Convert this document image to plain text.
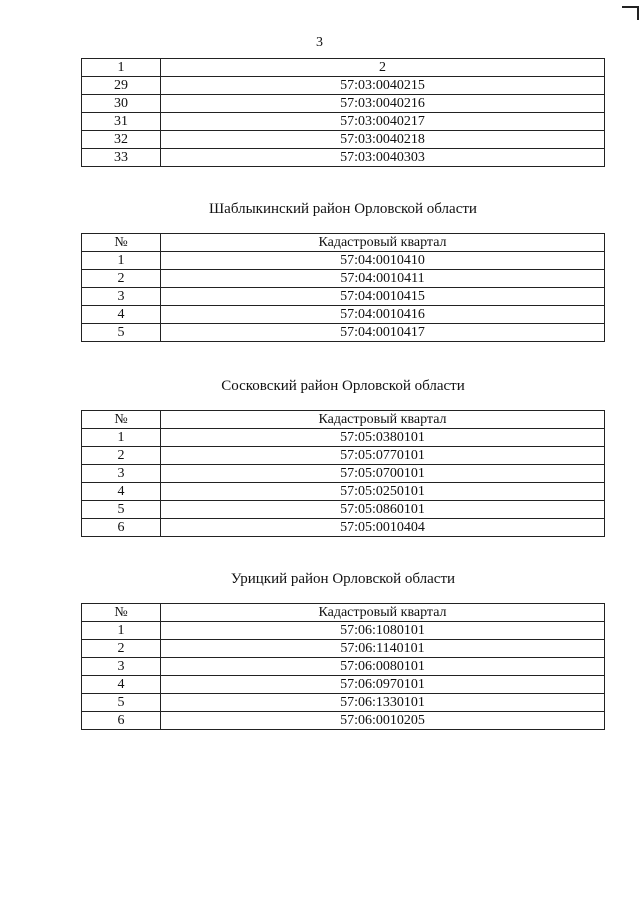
3
1	2
29	57:03:0040215
30	57:03:0040216
31	57:03:0040217
32	57:03:0040218
33	57:03:0040303
Шаблыкинский район Орловской области
№	Кадастровый квартал
1	57:04:0010410
2	57:04:0010411
3	57:04:0010415
4	57:04:0010416
5	57:04:0010417
Сосковский район Орловской области
№	Кадастровый квартал
1	57:05:0380101
2	57:05:0770101
3	57:05:0700101
4	57:05:0250101
5	57:05:0860101
6	57:05:0010404
Урицкий район Орловской области
№	Кадастровый квартал
1	57:06:1080101
2	57:06:1140101
3	57:06:0080101
4	57:06:0970101
5	57:06:1330101
6	57:06:0010205
